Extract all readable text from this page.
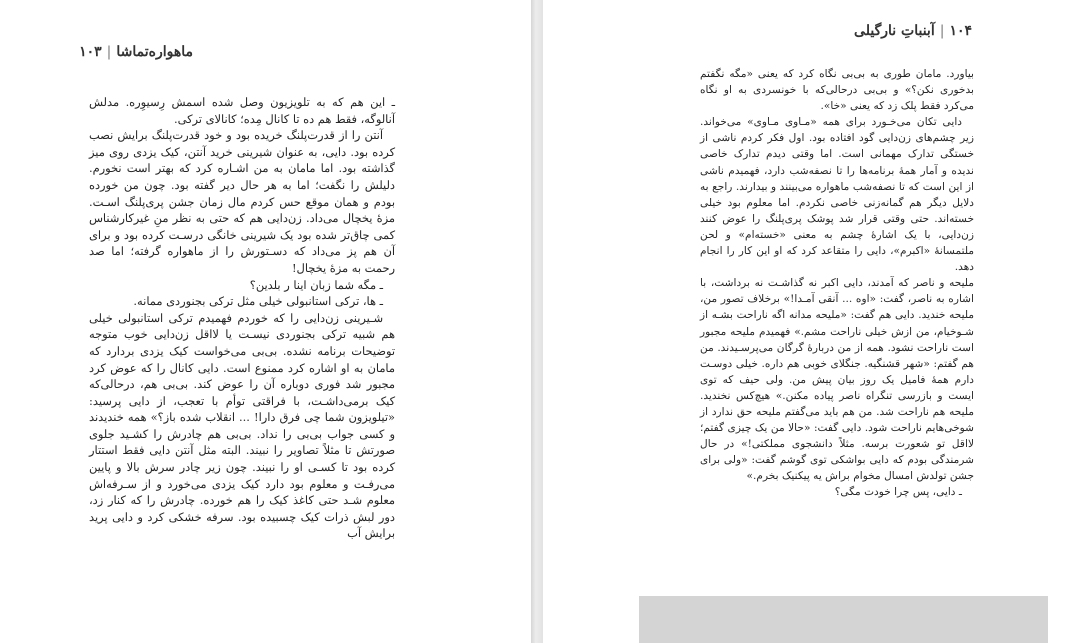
ماهواره‌تماشا|۱۰۳

ـ این هم که به تلویزیون وصل شده اسمش رِسیوِره. مدلش آنالوگه، فقط هم ده تا کانال مِده؛ کانالای ترکی.

آنتن را از قدرت‌پلنگ خریده بود و خود قدرت‌پلنگ برایش نصب کرده بود. دایی، به عنوان شیرینی خرید آنتن، کیک یزدی روی میز گذاشته بود. اما مامان به من اشـاره کرد که بهتر است نخورم. دلیلش را نگفت؛ اما به هر حال دیر گفته بود. چون من خورده بودم و همان موقع حس کردم مال زمان جشن پری‌پلنگ اسـت. مزهٔ یخچال می‌داد. زن‌دایی هم که حتی به نظر منِ غیرکارشناس کمی چاق‌تر شده بود یک شیرینی خانگی درسـت کرده بود و برای آن هم پز می‌داد که دسـتورش را از ماهواره گرفته؛ اما صد رحمت به مزهٔ یخچال!

ـ مگه شما زبان اینا ر بلدین؟

ـ ها، ترکی استانبولی خیلی مثل ترکی بجنوردی ممانه.

شـیرینی زن‌دایی را که خوردم فهمیدم ترکی استانبولی خیلی هم شبیه ترکی بجنوردی نیسـت یا لااقل زن‌دایی خوب متوجه توضیحات برنامه نشده. بی‌بی می‌خواست کیک یزدی بردارد که مامان به او اشاره کرد ممنوع است. دایی کانال را که عوض کرد مجبور شد فوری دوباره آن را عوض کند. بی‌بی هم، درحالی‌که کیک برمی‌داشـت، با فراقتی توأم با تعجب، از دایی پرسید: «تیلویزون شما چی فرق دارا! ... انقلاب شده باز؟» همه خندیدند و کسی جواب بی‌بی را نداد. بی‌بی هم چادرش را کشـید جلوی صورتش تا مثلاً تصاویر را نبیند. البته مثل آنتن دایی فقط استتار کرده بود تا کسـی او را نبیند. چون زیر چادر سرش بالا و پایین می‌رفـت و معلوم بود دارد کیک یزدی می‌خورد و از سـرفه‌اش معلوم شـد حتی کاغذ کیک را هم خورده. چادرش را که کنار زد، دور لبش ذرات کیک چسبیده بود. سرفه خشکی کرد و دایی پرید برایش آب

۱۰۴|آبنباتِ نارگیلی

بیاورد. مامان طوری به بی‌بی نگاه کرد که یعنی «مگه نگفتم بدخوری نکن؟» و بی‌بی درحالی‌که با خونسردی به او نگاه می‌کرد فقط پلک زد که یعنی «خا».

دایی تکان می‌خـورد برای همه «مـاوی مـاوی» می‌خواند. زیر چشم‌های زن‌دایی گود افتاده بود. اول فکر کردم ناشی از خستگی تدارک مهمانی است. اما وقتی دیدم تدارک خاصی ندیده و آمار همهٔ برنامه‌ها را تا نصفه‌شب دارد، فهمیدم ناشی از این است که تا نصفه‌شب ماهواره می‌بینند و بیدارند. راجع به دلایل دیگر هم گمانه‌زنی خاصی نکردم. اما معلوم بود خیلی خسته‌اند. حتی وقتی قرار شد پوشک پری‌پلنگ را عوض کنند زن‌دایی، با یک اشارهٔ چشم به معنی «خسته‌ام» و لحن ملتمسانهٔ «اکبرم»، دایی را متقاعد کرد که او این کار را انجام دهد.

ملیحه و ناصر که آمدند، دایی اکبر نه گذاشـت نه برداشت، با اشاره به ناصر، گفت: «اوه ... آنقی آمـدا!» برخلاف تصور من، ملیحه خندید. دایی هم گفت: «ملیحه مدانه اگه ناراحت بشـه از شـوخیام، من ازش خیلی ناراحت مشم.» فهمیدم ملیحه مجبور است ناراحت نشود. همه از من دربارهٔ گرگان می‌پرسـیدند. من هم گفتم: «شهر قشنگیه. جنگلای خوبی هم داره. خیلی دوسـت دارم همهٔ فامیل یک روز بیان پیش من. ولی حیف که توی ایست و بازرسی تنگراه ناصر پیاده مکنن.» هیچ‌کس نخندید. ملیحه هم ناراحت شد. من هم باید می‌گفتم ملیحه حق ندارد از شوخی‌هایم ناراحت شود. دایی گفت: «حالا من یک چیزی گفتم؛ لااقل تو شعورت برسه. مثلاً دانشجوی مملکتی!» در حال شرمندگی بودم که دایی بواشکی توی گوشم گفت: «ولی برای جشن تولدش امسال مخوام براش یه پیکنیک بخرم.»

ـ دایی، پس چرا خودت مگی؟
